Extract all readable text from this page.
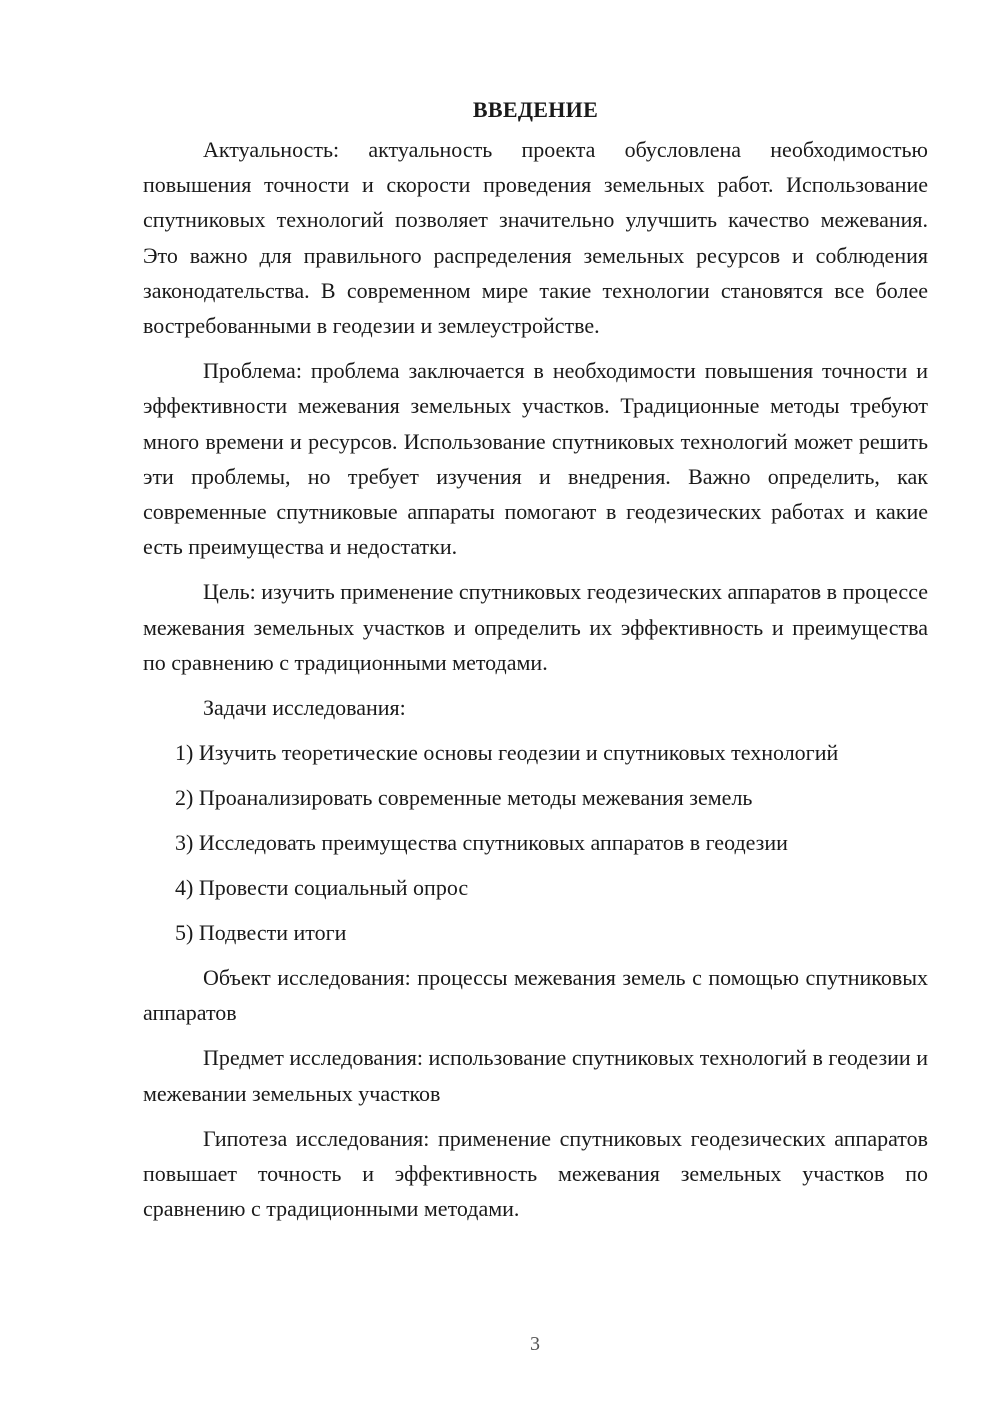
ВВЕДЕНИЕ

Актуальность: актуальность проекта обусловлена необходимостью повышения точности и скорости проведения земельных работ. Использование спутниковых технологий позволяет значительно улучшить качество межевания. Это важно для правильного распределения земельных ресурсов и соблюдения законодательства. В современном мире такие технологии становятся все более востребованными в геодезии и землеустройстве.

Проблема: проблема заключается в необходимости повышения точности и эффективности межевания земельных участков. Традиционные методы требуют много времени и ресурсов. Использование спутниковых технологий может решить эти проблемы, но требует изучения и внедрения. Важно определить, как современные спутниковые аппараты помогают в геодезических работах и какие есть преимущества и недостатки.

Цель: изучить применение спутниковых геодезических аппаратов в процессе межевания земельных участков и определить их эффективность и преимущества по сравнению с традиционными методами.

Задачи исследования:
1) Изучить теоретические основы геодезии и спутниковых технологий
2) Проанализировать современные методы межевания земель
3) Исследовать преимущества спутниковых аппаратов в геодезии
4) Провести социальный опрос
5) Подвести итоги

Объект исследования: процессы межевания земель с помощью спутниковых аппаратов

Предмет исследования: использование спутниковых технологий в геодезии и межевании земельных участков

Гипотеза исследования: применение спутниковых геодезических аппаратов повышает точность и эффективность межевания земельных участков по сравнению с традиционными методами.

3
